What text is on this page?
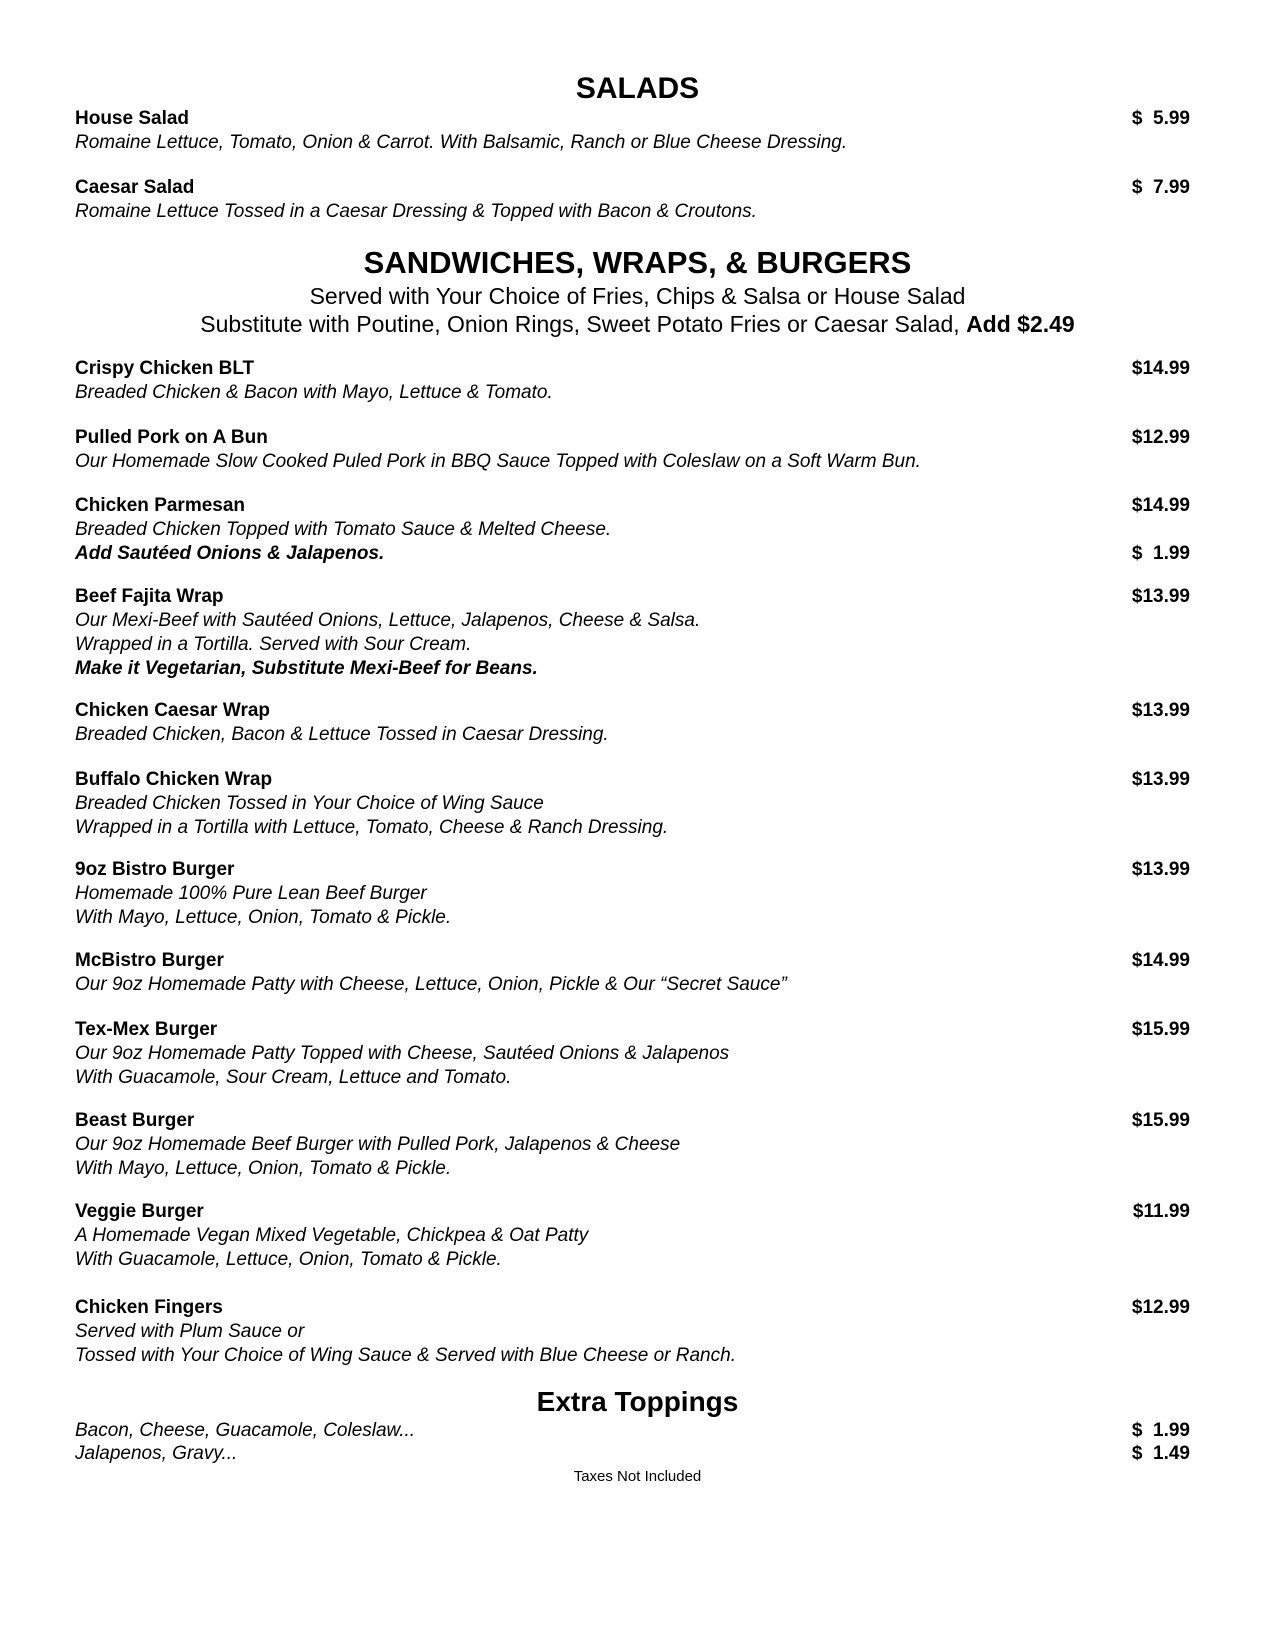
SALADS
House Salad	$  5.99
Romaine Lettuce, Tomato, Onion & Carrot. With Balsamic, Ranch or Blue Cheese Dressing.
Caesar Salad	$  7.99
Romaine Lettuce Tossed in a Caesar Dressing & Topped with Bacon & Croutons.
SANDWICHES, WRAPS, & BURGERS
Served with Your Choice of Fries, Chips & Salsa or House Salad
Substitute with Poutine, Onion Rings, Sweet Potato Fries or Caesar Salad, Add $2.49
Crispy Chicken BLT	$14.99
Breaded Chicken & Bacon with Mayo, Lettuce & Tomato.
Pulled Pork on A Bun	$12.99
Our Homemade Slow Cooked Puled Pork in BBQ Sauce Topped with Coleslaw on a Soft Warm Bun.
Chicken Parmesan	$14.99
Breaded Chicken Topped with Tomato Sauce & Melted Cheese.
Add Sautéed Onions & Jalapenos.	$  1.99
Beef Fajita Wrap	$13.99
Our Mexi-Beef with Sautéed Onions, Lettuce, Jalapenos, Cheese & Salsa.
Wrapped in a Tortilla. Served with Sour Cream.
Make it Vegetarian, Substitute Mexi-Beef for Beans.
Chicken Caesar Wrap	$13.99
Breaded Chicken, Bacon & Lettuce Tossed in Caesar Dressing.
Buffalo Chicken Wrap	$13.99
Breaded Chicken Tossed in Your Choice of Wing Sauce
Wrapped in a Tortilla with Lettuce, Tomato, Cheese & Ranch Dressing.
9oz Bistro Burger	$13.99
Homemade 100% Pure Lean Beef Burger
With Mayo, Lettuce, Onion, Tomato & Pickle.
McBistro Burger	$14.99
Our 9oz Homemade Patty with Cheese, Lettuce, Onion, Pickle & Our “Secret Sauce”
Tex-Mex Burger	$15.99
Our 9oz Homemade Patty Topped with Cheese, Sautéed Onions & Jalapenos
With Guacamole, Sour Cream, Lettuce and Tomato.
Beast Burger	$15.99
Our 9oz Homemade Beef Burger with Pulled Pork, Jalapenos & Cheese
With Mayo, Lettuce, Onion, Tomato & Pickle.
Veggie Burger	$11.99
A Homemade Vegan Mixed Vegetable, Chickpea & Oat Patty
With Guacamole, Lettuce, Onion, Tomato & Pickle.
Chicken Fingers	$12.99
Served with Plum Sauce or
Tossed with Your Choice of Wing Sauce & Served with Blue Cheese or Ranch.
Extra Toppings
Bacon, Cheese, Guacamole, Coleslaw...	$  1.99
Jalapenos, Gravy...	$  1.49
Taxes Not Included
